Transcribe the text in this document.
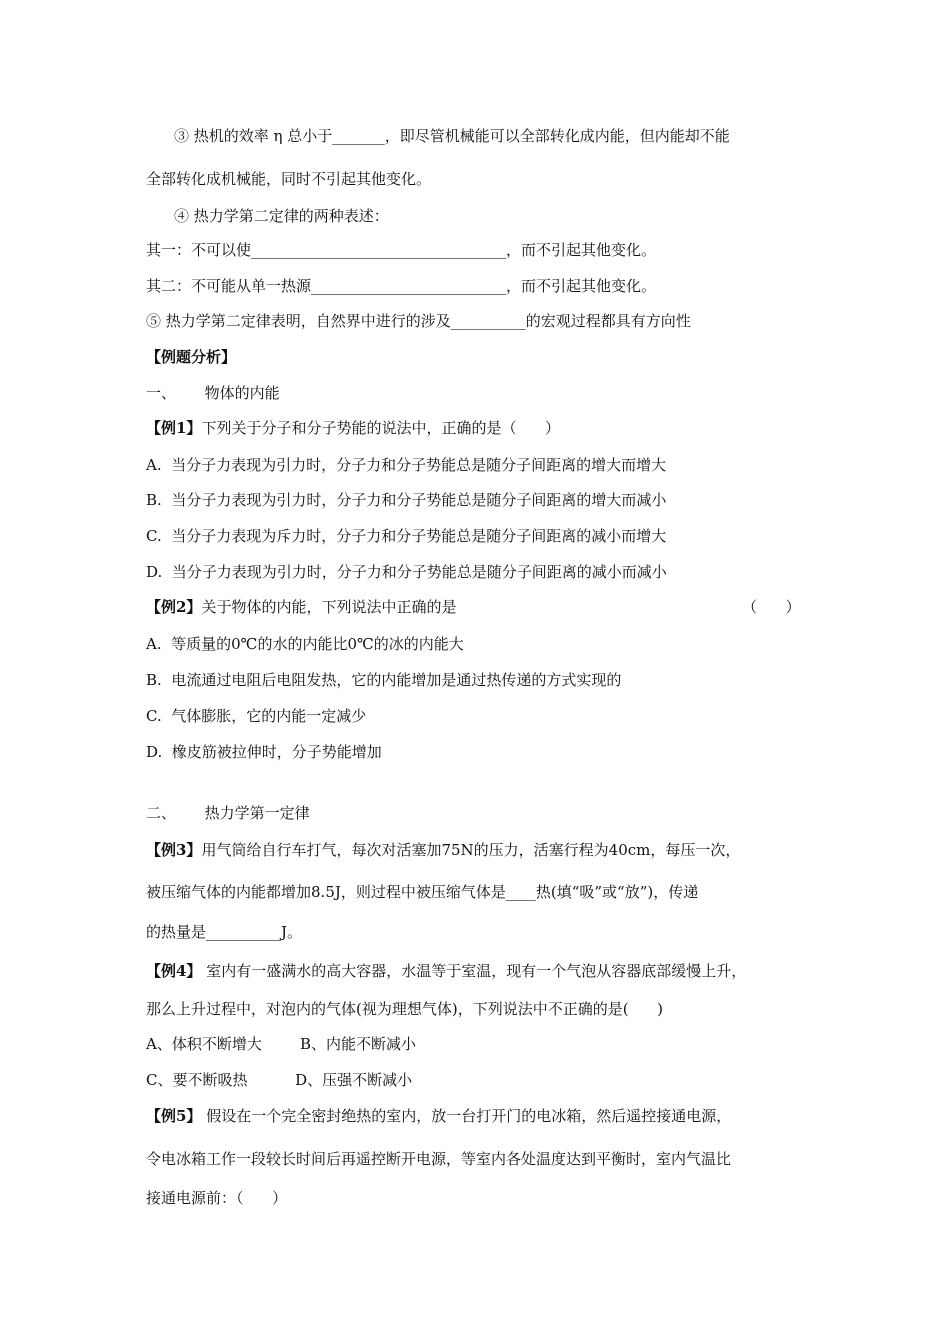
③ 热机的效率 η 总小于_______，即尽管机械能可以全部转化成内能，但内能却不能
全部转化成机械能，同时不引起其他变化。
④ 热力学第二定律的两种表述：
其一：不可以使__________________________________，而不引起其他变化。
其二：不可能从单一热源__________________________，而不引起其他变化。
⑤ 热力学第二定律表明，自然界中进行的涉及__________的宏观过程都具有方向性
【例题分析】
一、      物体的内能
【例1】下列关于分子和分子势能的说法中，正确的是（      ）
A.  当分子力表现为引力时，分子力和分子势能总是随分子间距离的增大而增大
B.  当分子力表现为引力时，分子力和分子势能总是随分子间距离的增大而减小
C.  当分子力表现为斥力时，分子力和分子势能总是随分子间距离的减小而增大
D.  当分子力表现为引力时，分子力和分子势能总是随分子间距离的减小而减小
【例2】关于物体的内能，下列说法中正确的是	（      ）
A.  等质量的0℃的水的内能比0℃的冰的内能大
B.  电流通过电阻后电阻发热，它的内能增加是通过热传递的方式实现的
C.  气体膨胀，它的内能一定减少
D.  橡皮筋被拉伸时，分子势能增加
二、      热力学第一定律
【例3】用气筒给自行车打气，每次对活塞加75N的压力，活塞行程为40cm，每压一次，
被压缩气体的内能都增加8.5J，则过程中被压缩气体是____热(填“吸”或“放”)，传递
的热量是__________J。
【例4】 室内有一盛满水的高大容器，水温等于室温，现有一个气泡从容器底部缓慢上升，
那么上升过程中，对泡内的气体(视为理想气体)，下列说法中不正确的是(      )
A、体积不断增大        B、内能不断减小
C、要不断吸热          D、压强不断减小
【例5】 假设在一个完全密封绝热的室内，放一台打开门的电冰箱，然后遥控接通电源，
令电冰箱工作一段较长时间后再遥控断开电源，等室内各处温度达到平衡时，室内气温比
接通电源前：（      ）
